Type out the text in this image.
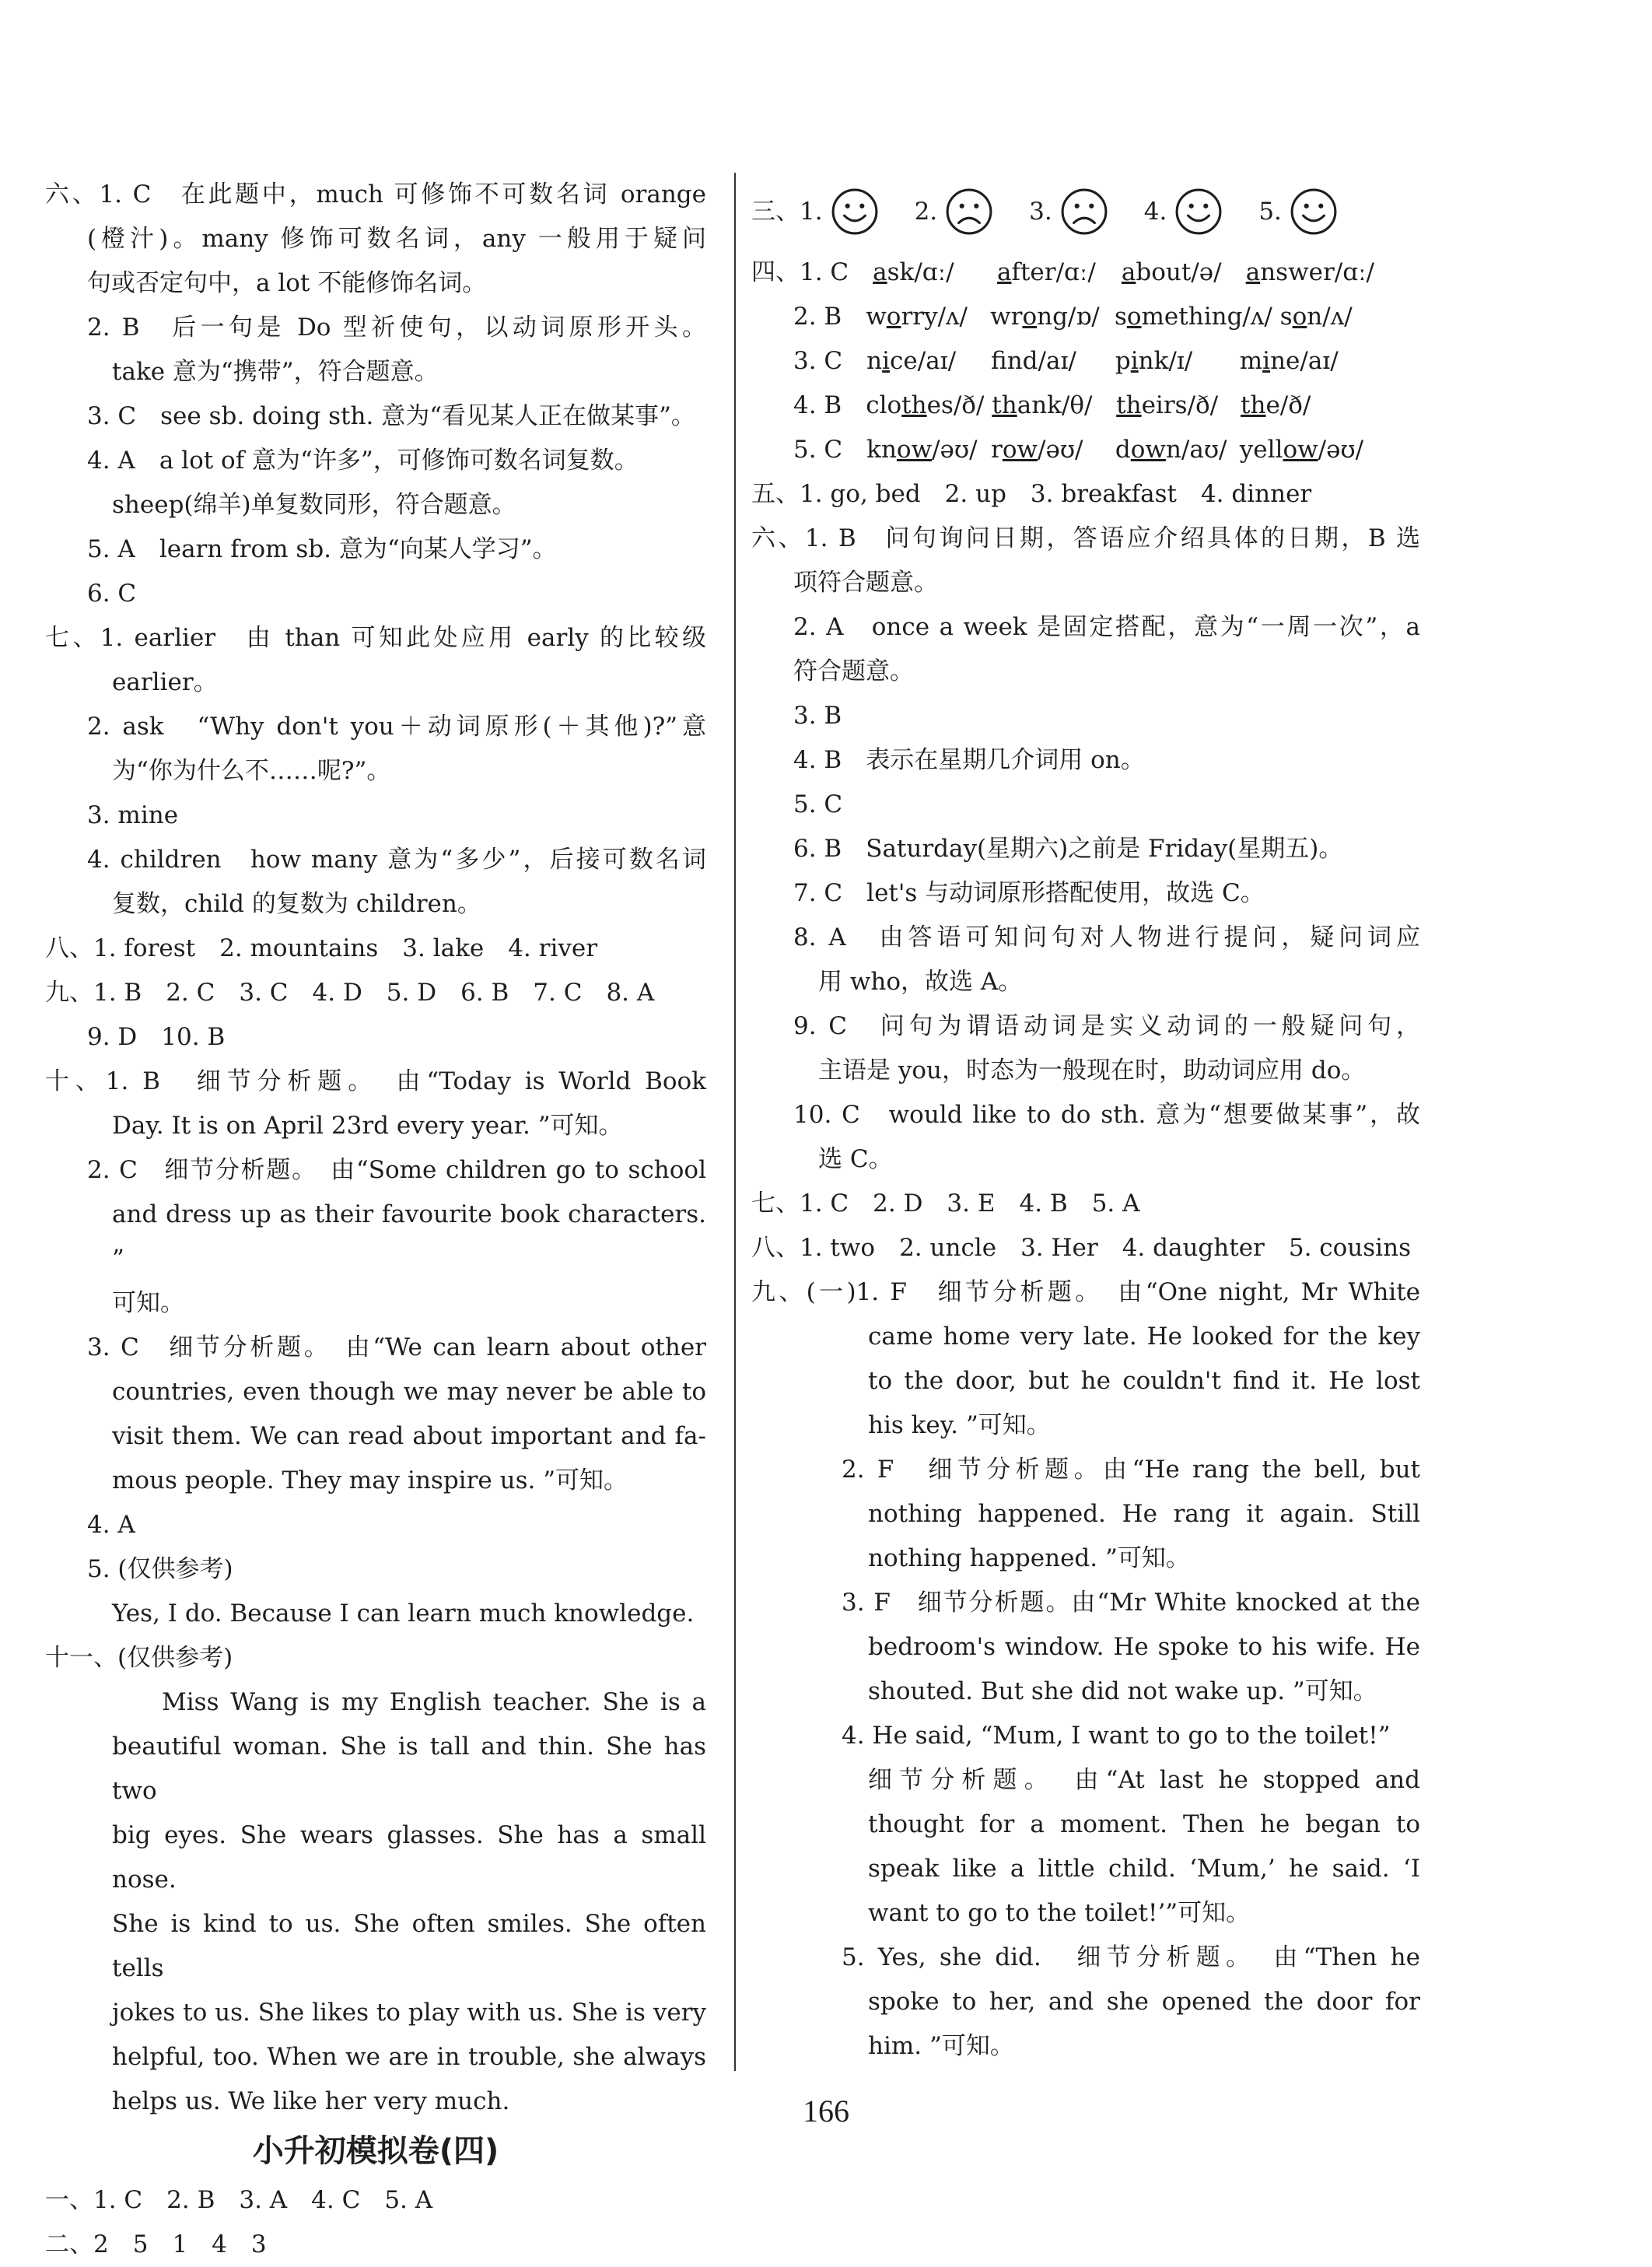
六、1. C　在此题中，much 可修饰不可数名词 orange
(橙汁)。many 修饰可数名词，any 一般用于疑问
句或否定句中，a lot 不能修饰名词。
2. B　后一句是 Do 型祈使句，以动词原形开头。
take 意为“携带”，符合题意。
3. C　see sb. doing sth. 意为“看见某人正在做某事”。
4. A　a lot of 意为“许多”，可修饰可数名词复数。
sheep(绵羊)单复数同形，符合题意。
5. A　learn from sb. 意为“向某人学习”。
6. C
七、1. earlier　由 than 可知此处应用 early 的比较级
earlier。
2. ask　“Why don't you＋动词原形(＋其他)?”意
为“你为什么不……呢?”。
3. mine
4. children　how many 意为“多少”，后接可数名词
复数，child 的复数为 children。
八、1. forest　2. mountains　3. lake　4. river
九、1. B　2. C　3. C　4. D　5. D　6. B　7. C　8. A
9. D　10. B
十、1. B　细节分析题。　由“Today is World Book
Day. It is on April 23rd every year. ”可知。
2. C　细节分析题。　由“Some children go to school
and dress up as their favourite book characters. ”
可知。
3. C　细节分析题。　由“We can learn about other
countries, even though we may never be able to
visit them. We can read about important and fa-
mous people. They may inspire us. ”可知。
4. A
5. (仅供参考)
Yes, I do. Because I can learn much knowledge.
十一、(仅供参考)
Miss Wang is my English teacher. She is a
beautiful woman. She is tall and thin. She has two
big eyes. She wears glasses. She has a small nose.
She is kind to us. She often smiles. She often tells
jokes to us. She likes to play with us. She is very
helpful, too. When we are in trouble, she always
helps us. We like her very much.
小升初模拟卷(四)
一、1. C　2. B　3. A　4. C　5. A
二、2　5　1　4　3
三、 1.	2.	3.	4.	5.
四、1. C　 ask/ɑː/ after/ɑː/ about/ə/ answer/ɑː/
2. B　 worry/ʌ/ wrong/ɒ/ something/ʌ/ son/ʌ/
3. C　 nice/aɪ/ fnd/aɪ/ pink/ɪ/ mine/aɪ/
4. B　 clothes/ð/ thank/θ/ theirs/ð/ the/ð/
5. C　 know/əʊ/ row/əʊ/ down/aʊ/ yellow/əʊ/
五、1. go, bed　2. up　3. breakfast　4. dinner
六、1. B　问句询问日期，答语应介绍具体的日期，B 选
项符合题意。
2. A　once a week 是固定搭配，意为“一周一次”，a
符合题意。
3. B
4. B　表示在星期几介词用 on。
5. C
6. B　Saturday(星期六)之前是 Friday(星期五)。
7. C　let's 与动词原形搭配使用，故选 C。
8. A　由答语可知问句对人物进行提问，疑问词应
用 who，故选 A。
9. C　问句为谓语动词是实义动词的一般疑问句，
主语是 you，时态为一般现在时，助动词应用 do。
10. C　would like to do sth. 意为“想要做某事”，故
选 C。
七、1. C　2. D　3. E　4. B　5. A
八、1. two　2. uncle　3. Her　4. daughter　5. cousins
九、(一)1. F　细节分析题。　由“One night, Mr White
came home very late. He looked for the key
to the door, but he couldn't find it. He lost
his key. ”可知。
2. F　细节分析题。由“He rang the bell, but
nothing happened. He rang it again. Still
nothing happened. ”可知。
3. F　细节分析题。由“Mr White knocked at the
bedroom's window. He spoke to his wife. He
shouted. But she did not wake up. ”可知。
4. He said, “Mum, I want to go to the toilet!”
细节分析题。　由“At last he stopped and
thought for a moment. Then he began to
speak like a little child. ‘Mum,’ he said. ‘I
want to go to the toilet!’”可知。
5. Yes, she did.　细节分析题。　由“Then he
spoke to her, and she opened the door for
him. ”可知。
166
